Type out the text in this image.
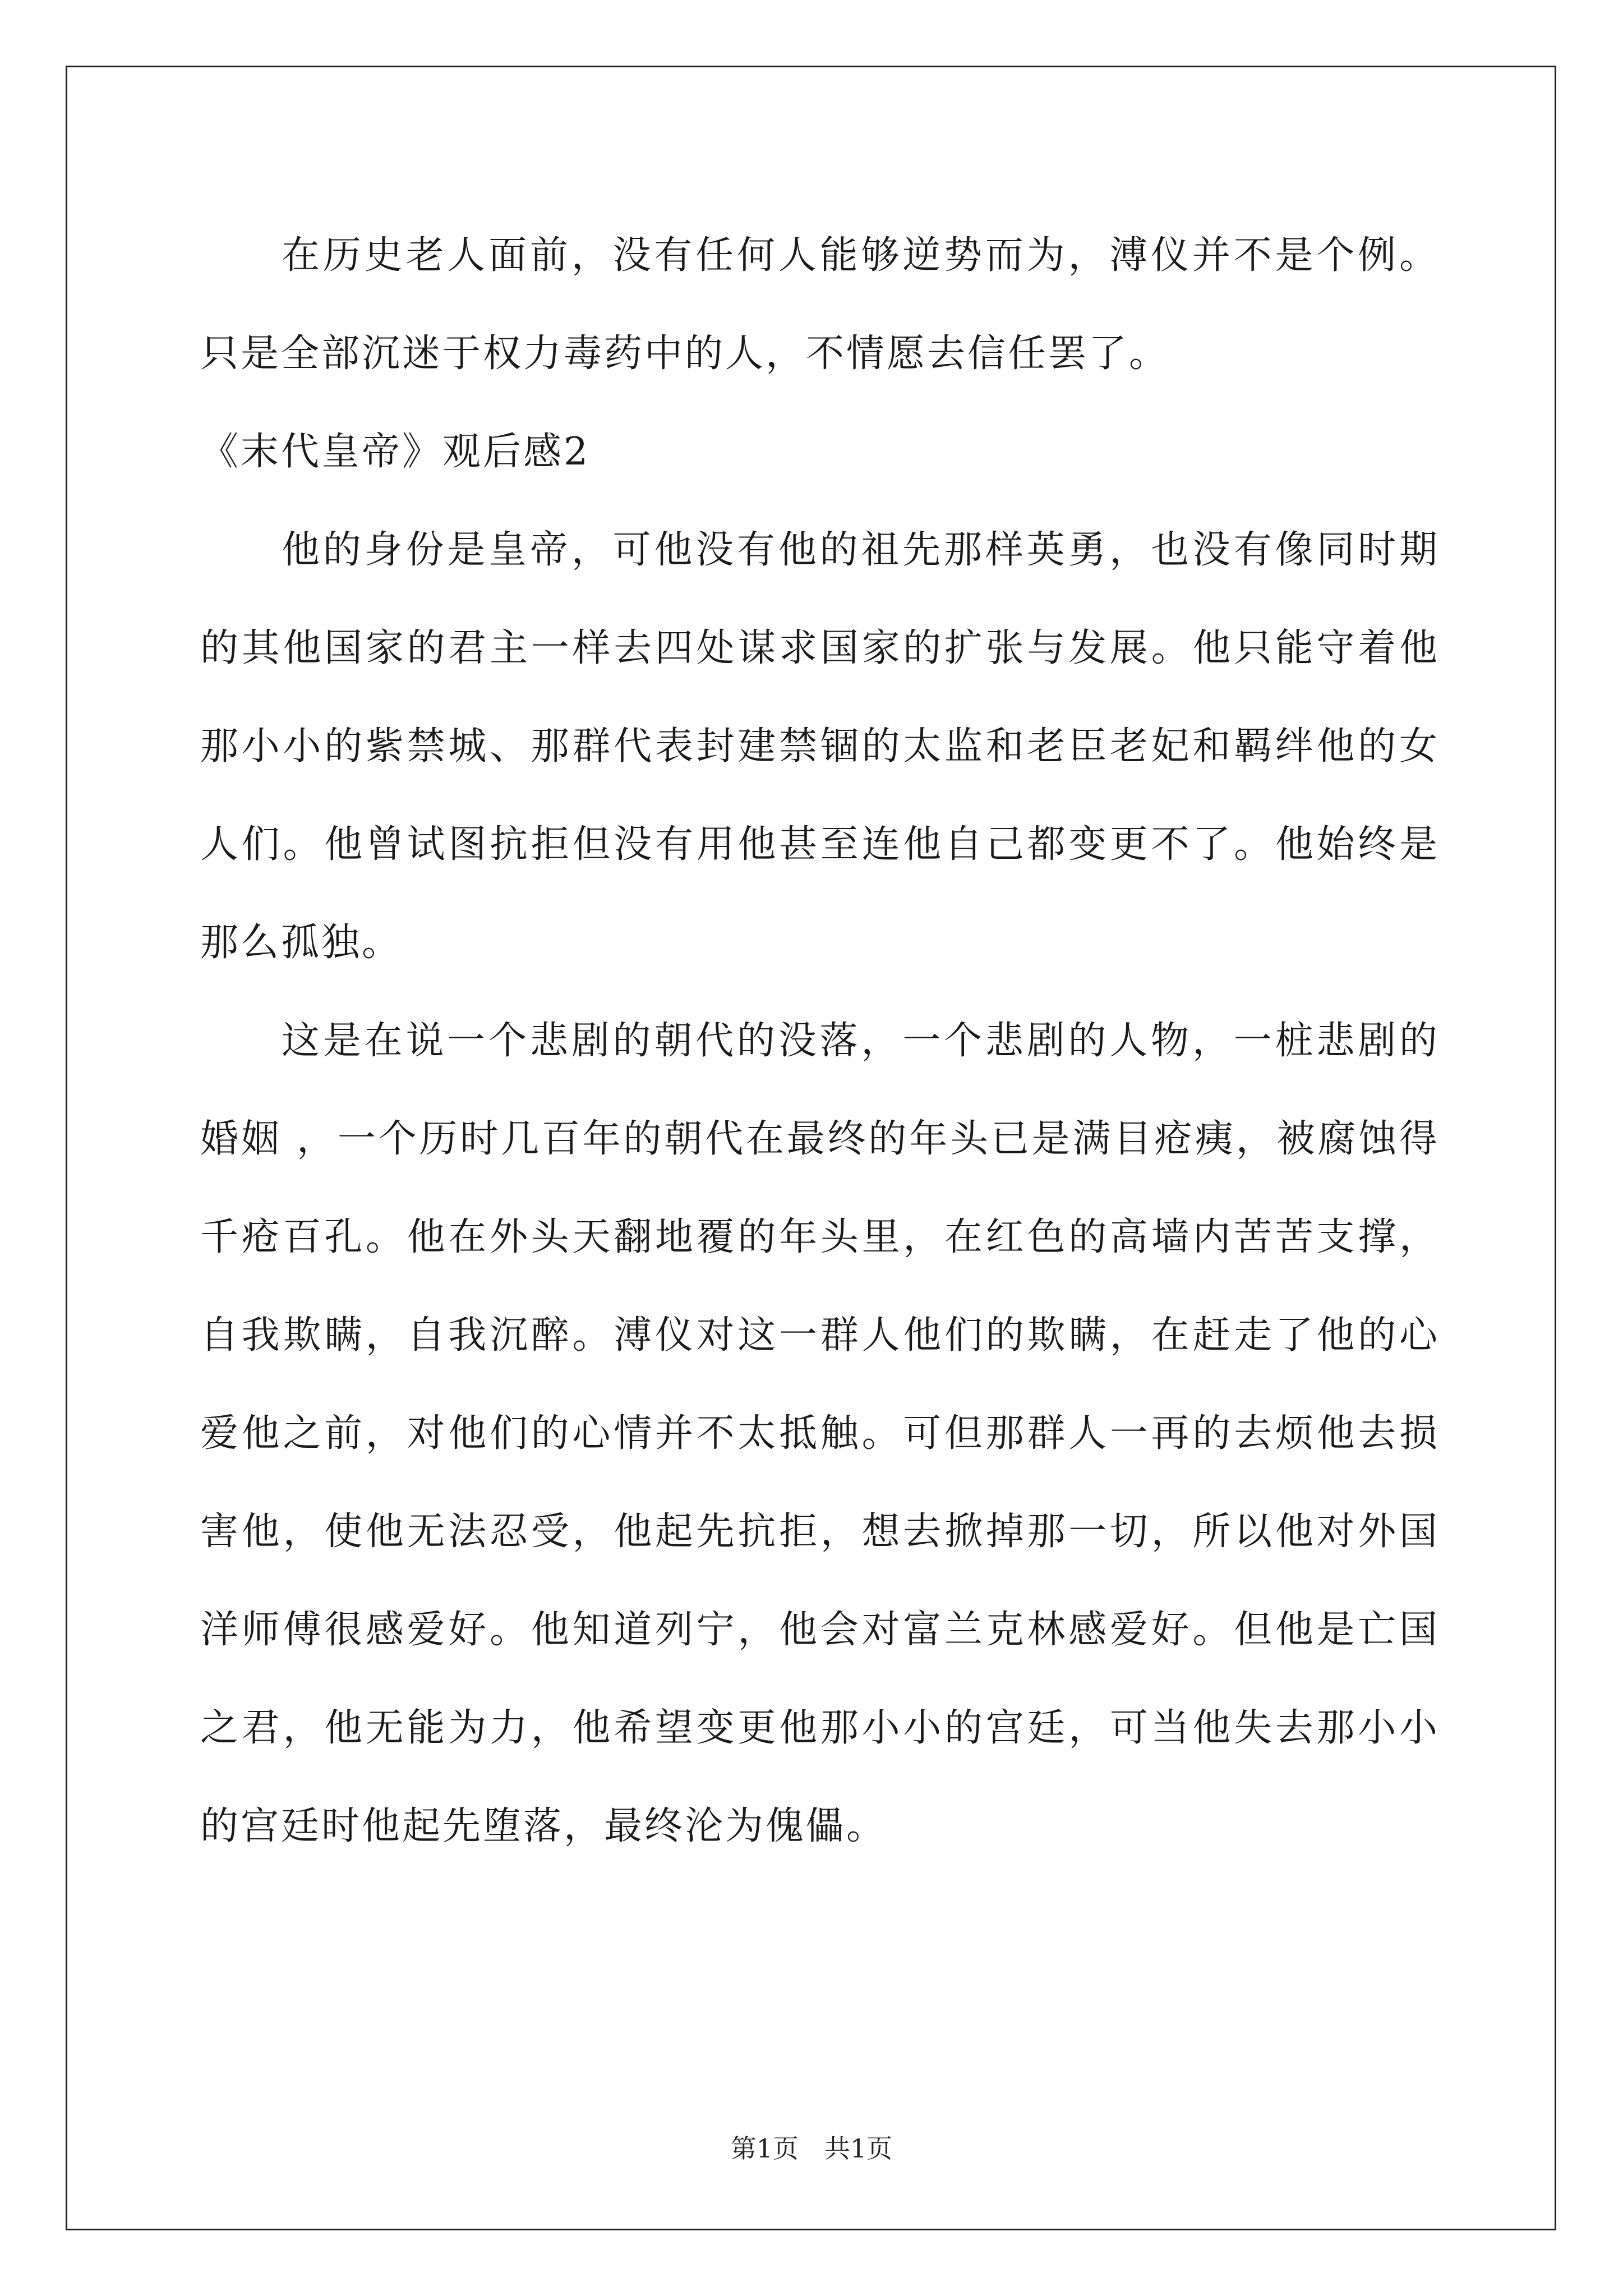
在历史老人面前，没有任何人能够逆势而为，溥仪并不是个例。只是全部沉迷于权力毒药中的人，不情愿去信任罢了。

《末代皇帝》观后感2

他的身份是皇帝，可他没有他的祖先那样英勇，也没有像同时期的其他国家的君主一样去四处谋求国家的扩张与发展。他只能守着他那小小的紫禁城、那群代表封建禁锢的太监和老臣老妃和羁绊他的女人们。他曾试图抗拒但没有用他甚至连他自己都变更不了。他始终是那么孤独。

这是在说一个悲剧的朝代的没落，一个悲剧的人物，一桩悲剧的婚姻 ，一个历时几百年的朝代在最终的年头已是满目疮痍，被腐蚀得千疮百孔。他在外头天翻地覆的年头里，在红色的高墙内苦苦支撑，自我欺瞒，自我沉醉。溥仪对这一群人他们的欺瞒，在赶走了他的心爱他之前，对他们的心情并不太抵触。可但那群人一再的去烦他去损害他，使他无法忍受，他起先抗拒，想去掀掉那一切，所以他对外国洋师傅很感爱好。他知道列宁，他会对富兰克林感爱好。但他是亡国之君，他无能为力，他希望变更他那小小的宫廷，可当他失去那小小的宫廷时他起先堕落，最终沦为傀儡。

第1页　共1页
